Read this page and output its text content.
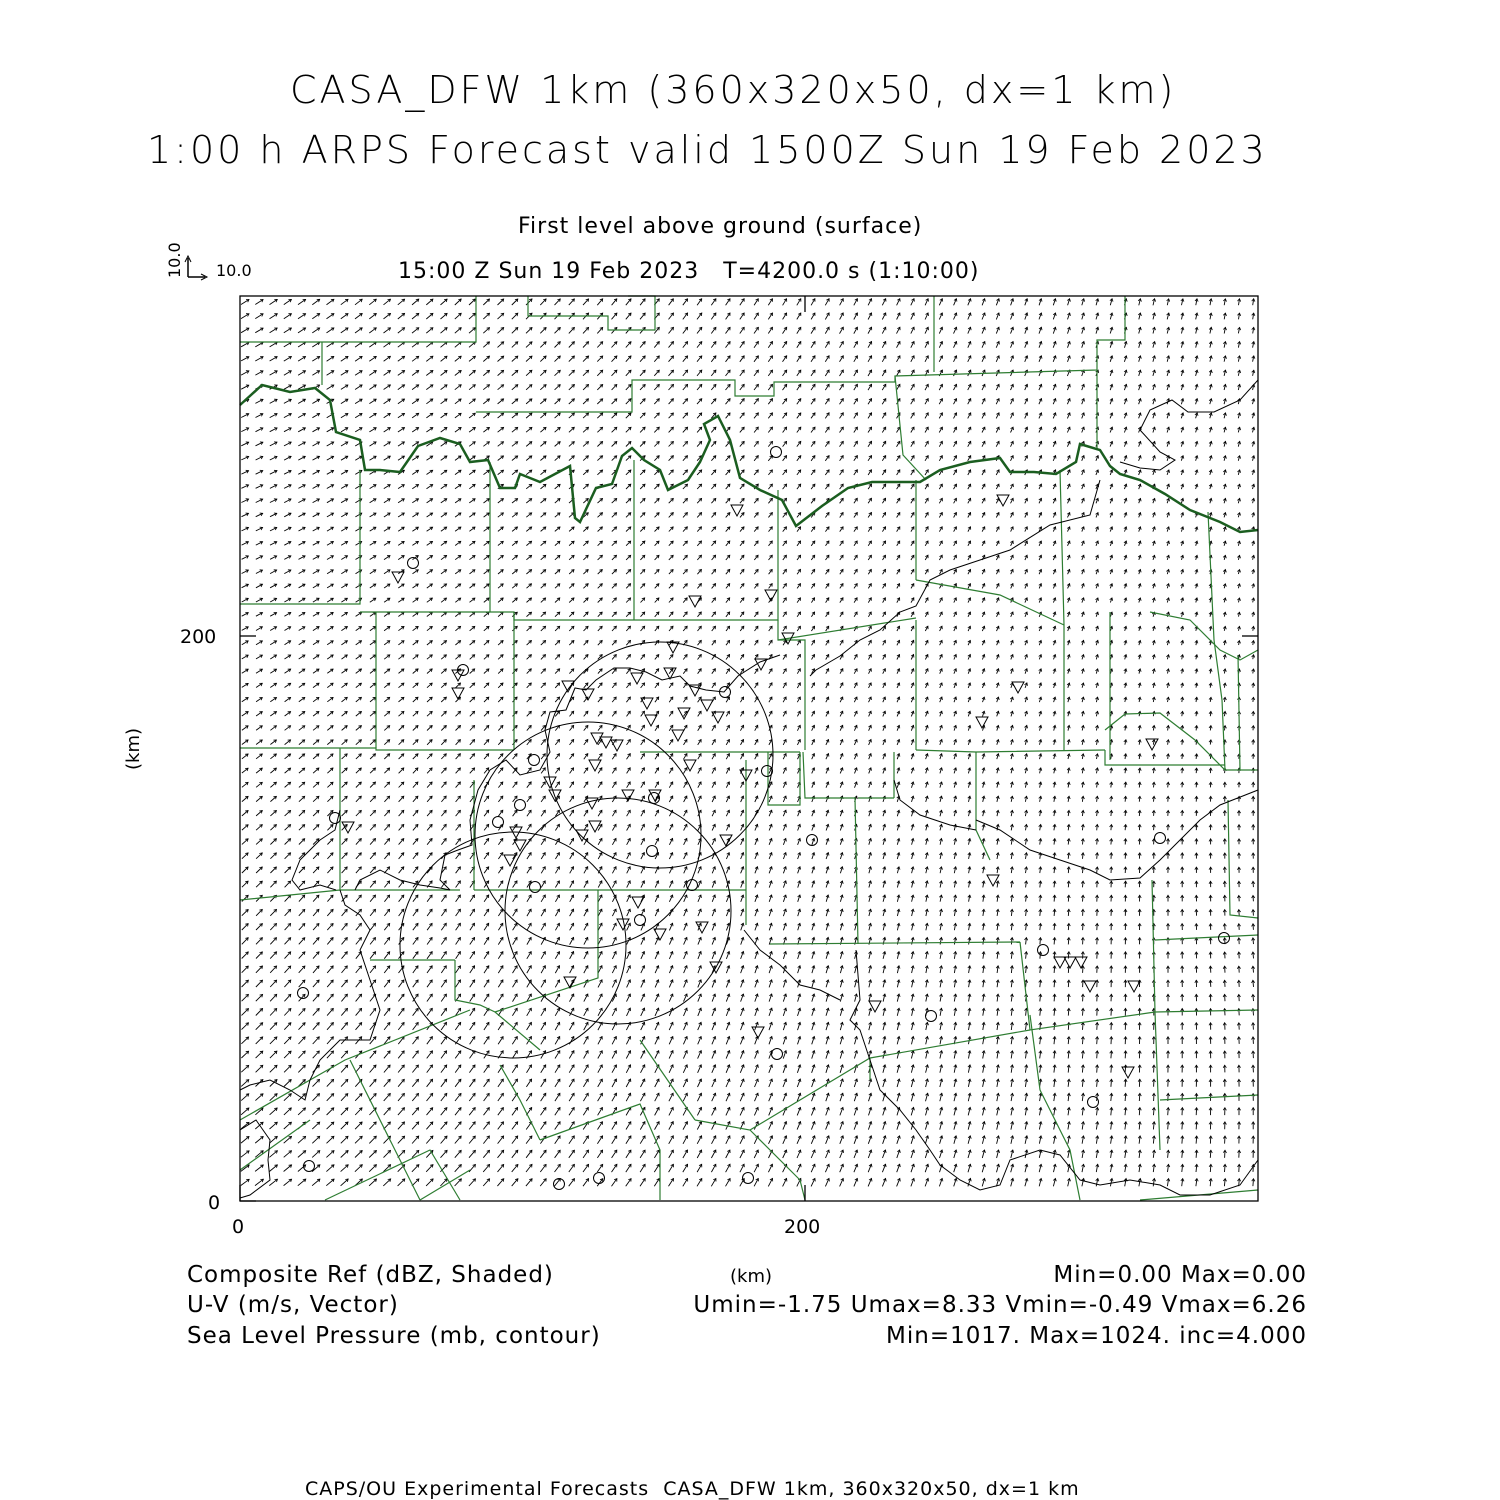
CASA_DFW 1km (360x320x50, dx=1 km)
1:00 h ARPS Forecast valid 1500Z Sun 19 Feb 2023
First level above ground (surface)
15:00 Z Sun 19 Feb 2023   T=4200.0 s (1:10:00)
10.0
10.0
(km)
200
0
0	200
(km)
Composite Ref (dBZ, Shaded)	Min=0.00 Max=0.00
U-V (m/s, Vector)	Umin=-1.75 Umax=8.33 Vmin=-0.49 Vmax=6.26
Sea Level Pressure (mb, contour)	Min=1017. Max=1024. inc=4.000
CAPS/OU Experimental Forecasts  CASA_DFW 1km, 360x320x50, dx=1 km
